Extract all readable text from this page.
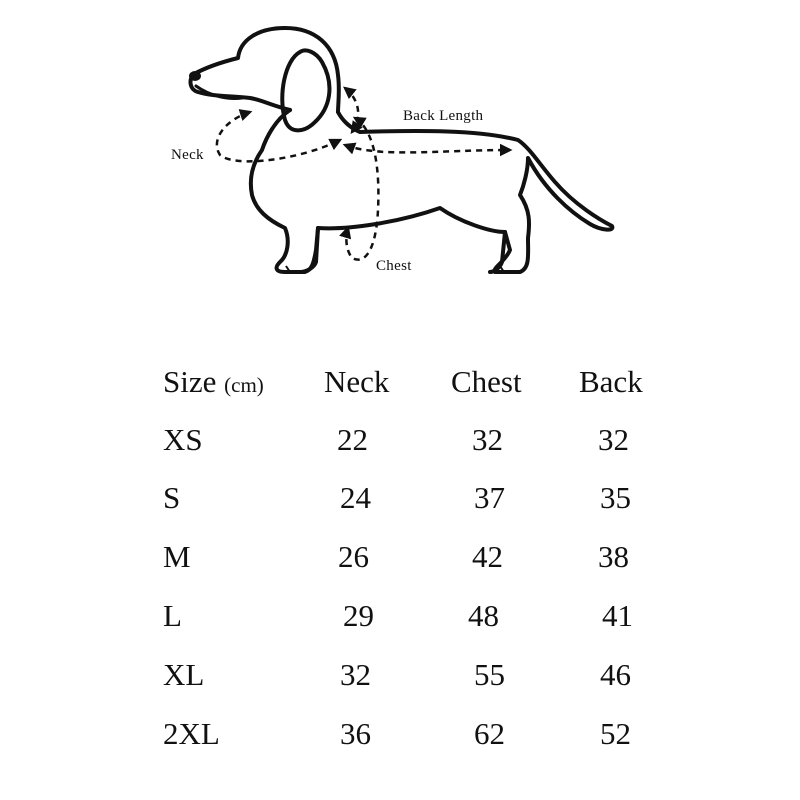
Neck
Back Length
Chest
Size (cm) Neck Chest Back
XS	22	32	32
S	24	37	35
M	26	42	38
L	29	48	41
XL	32	55	46
2XL	36	62	52
